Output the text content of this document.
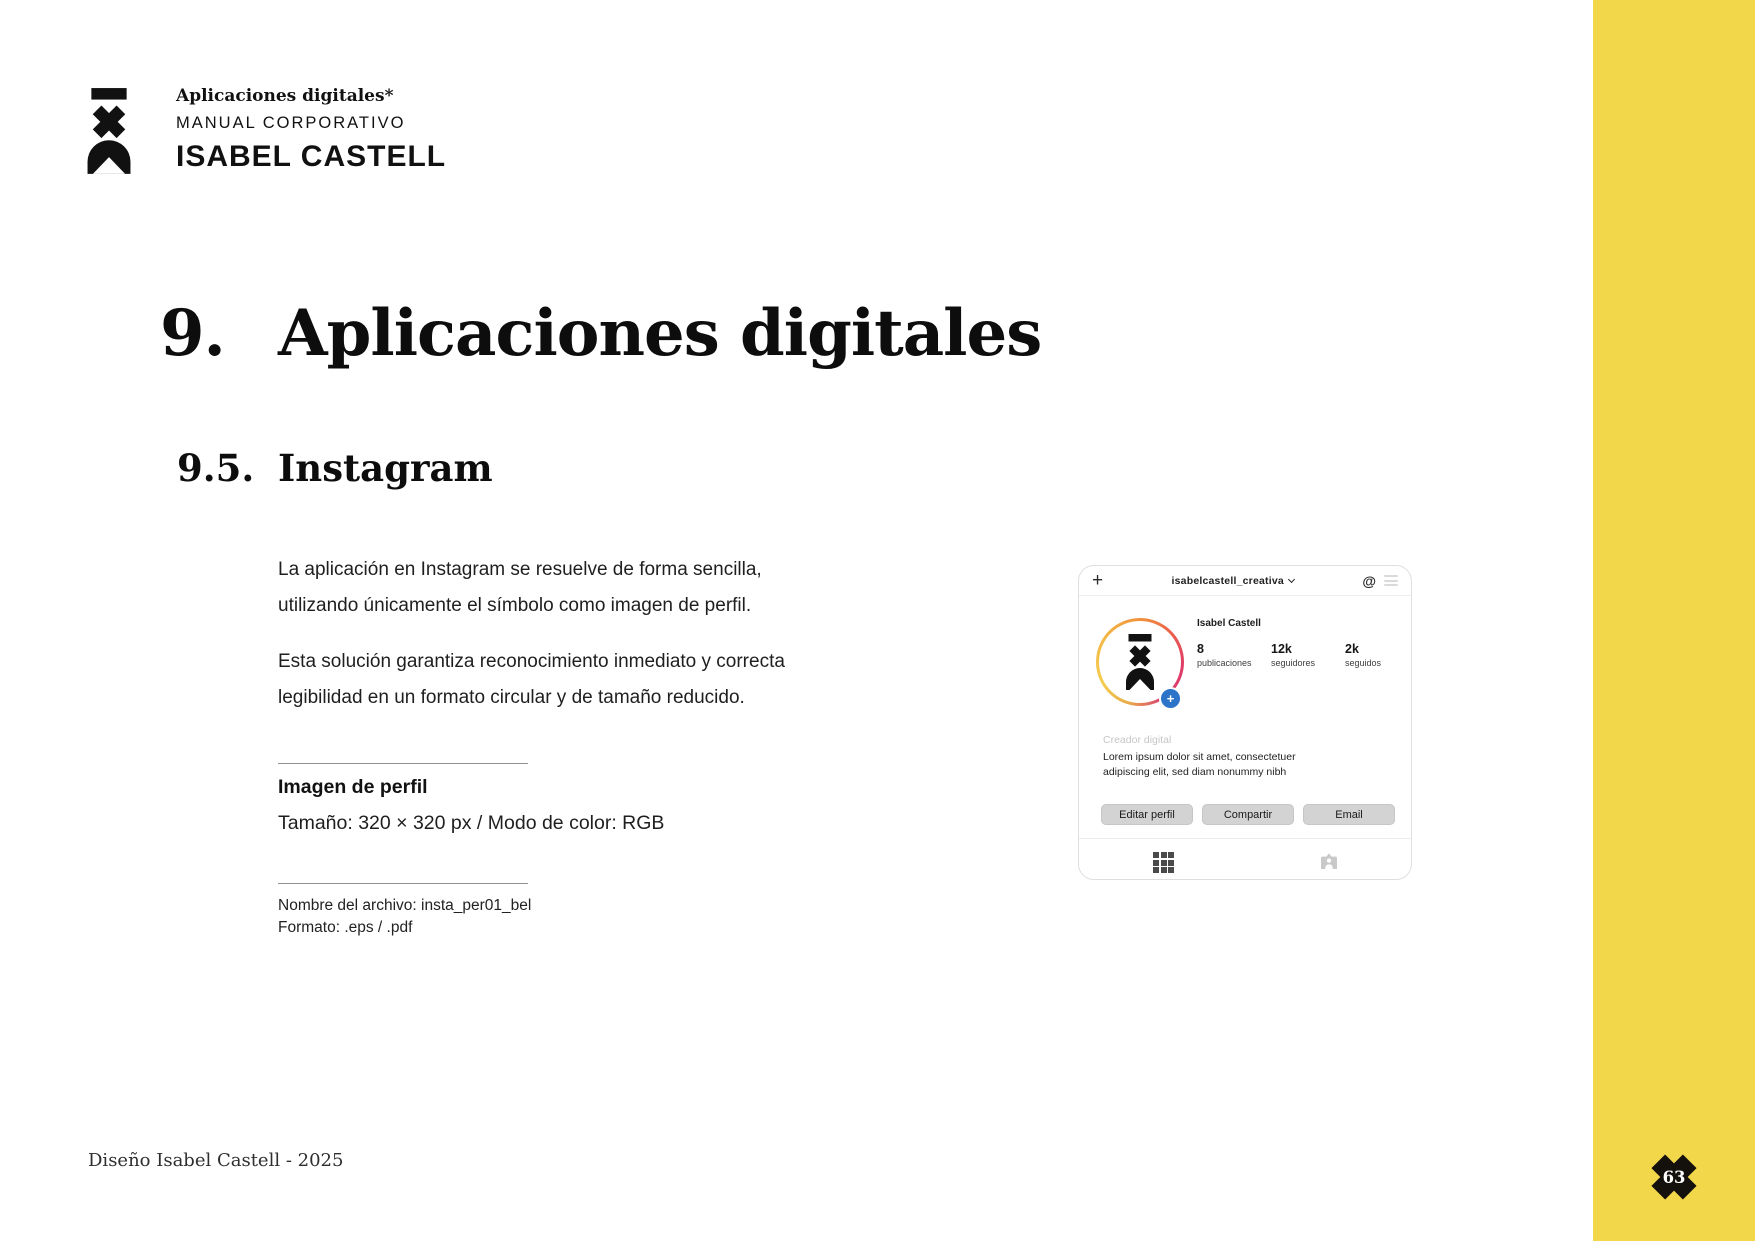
Aplicaciones digitales*
MANUAL CORPORATIVO
ISABEL CASTELL
9. Aplicaciones digitales
9.5. Instagram

La aplicación en Instagram se resuelve de forma sencilla, utilizando únicamente el símbolo como imagen de perfil.

Esta solución garantiza reconocimiento inmediato y correcta legibilidad en un formato circular y de tamaño reducido.

Imagen de perfil
Tamaño: 320 × 320 px / Modo de color: RGB
Nombre del archivo: insta_per01_bel
Formato: .eps / .pdf
+	isabelcastell_creativa	@
+
Isabel Castell
8
publicaciones
12k
seguidores
2k
seguidos
Creador digital
Lorem ipsum dolor sit amet, consectetuer
adipiscing elit, sed diam nonummy nibh
Editar perfil	Compartir	Email
Diseño Isabel Castell - 2025
63
